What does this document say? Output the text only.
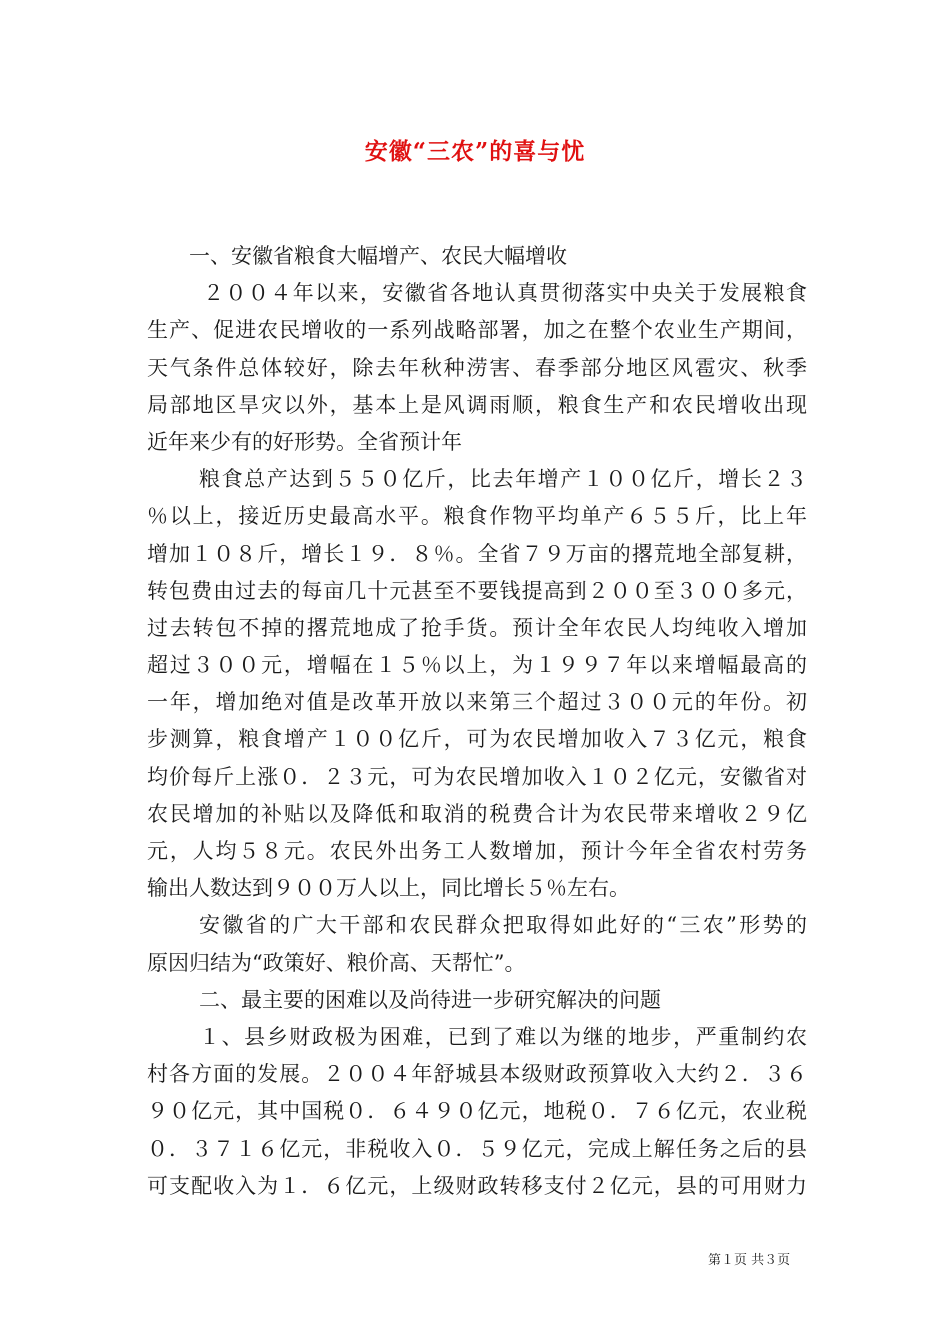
安徽“三农”的喜与忧
一、安徽省粮食大幅增产、农民大幅增收
２００４年以来，安徽省各地认真贯彻落实中央关于发展粮食
生产、促进农民增收的一系列战略部署，加之在整个农业生产期间，
天气条件总体较好，除去年秋种涝害、春季部分地区风雹灾、秋季
局部地区旱灾以外，基本上是风调雨顺，粮食生产和农民增收出现
近年来少有的好形势。全省预计年
粮食总产达到５５０亿斤，比去年增产１００亿斤，增长２３
％以上，接近历史最高水平。粮食作物平均单产６５５斤，比上年
增加１０８斤，增长１９．８％。全省７９万亩的撂荒地全部复耕，
转包费由过去的每亩几十元甚至不要钱提高到２００至３００多元，
过去转包不掉的撂荒地成了抢手货。预计全年农民人均纯收入增加
超过３００元，增幅在１５％以上，为１９９７年以来增幅最高的
一年，增加绝对值是改革开放以来第三个超过３００元的年份。初
步测算，粮食增产１００亿斤，可为农民增加收入７３亿元，粮食
均价每斤上涨０．２３元，可为农民增加收入１０２亿元，安徽省对
农民增加的补贴以及降低和取消的税费合计为农民带来增收２９亿
元，人均５８元。农民外出务工人数增加，预计今年全省农村劳务
输出人数达到９００万人以上，同比增长５％左右。
安徽省的广大干部和农民群众把取得如此好的“三农”形势的
原因归结为“政策好、粮价高、天帮忙”。
二、最主要的困难以及尚待进一步研究解决的问题
１、县乡财政极为困难，已到了难以为继的地步，严重制约农
村各方面的发展。２００４年舒城县本级财政预算收入大约２．３６
９０亿元，其中国税０．６４９０亿元，地税０．７６亿元，农业税
０．３７１６亿元，非税收入０．５９亿元，完成上解任务之后的县
可支配收入为１．６亿元，上级财政转移支付２亿元，县的可用财力
第１页 共３页
